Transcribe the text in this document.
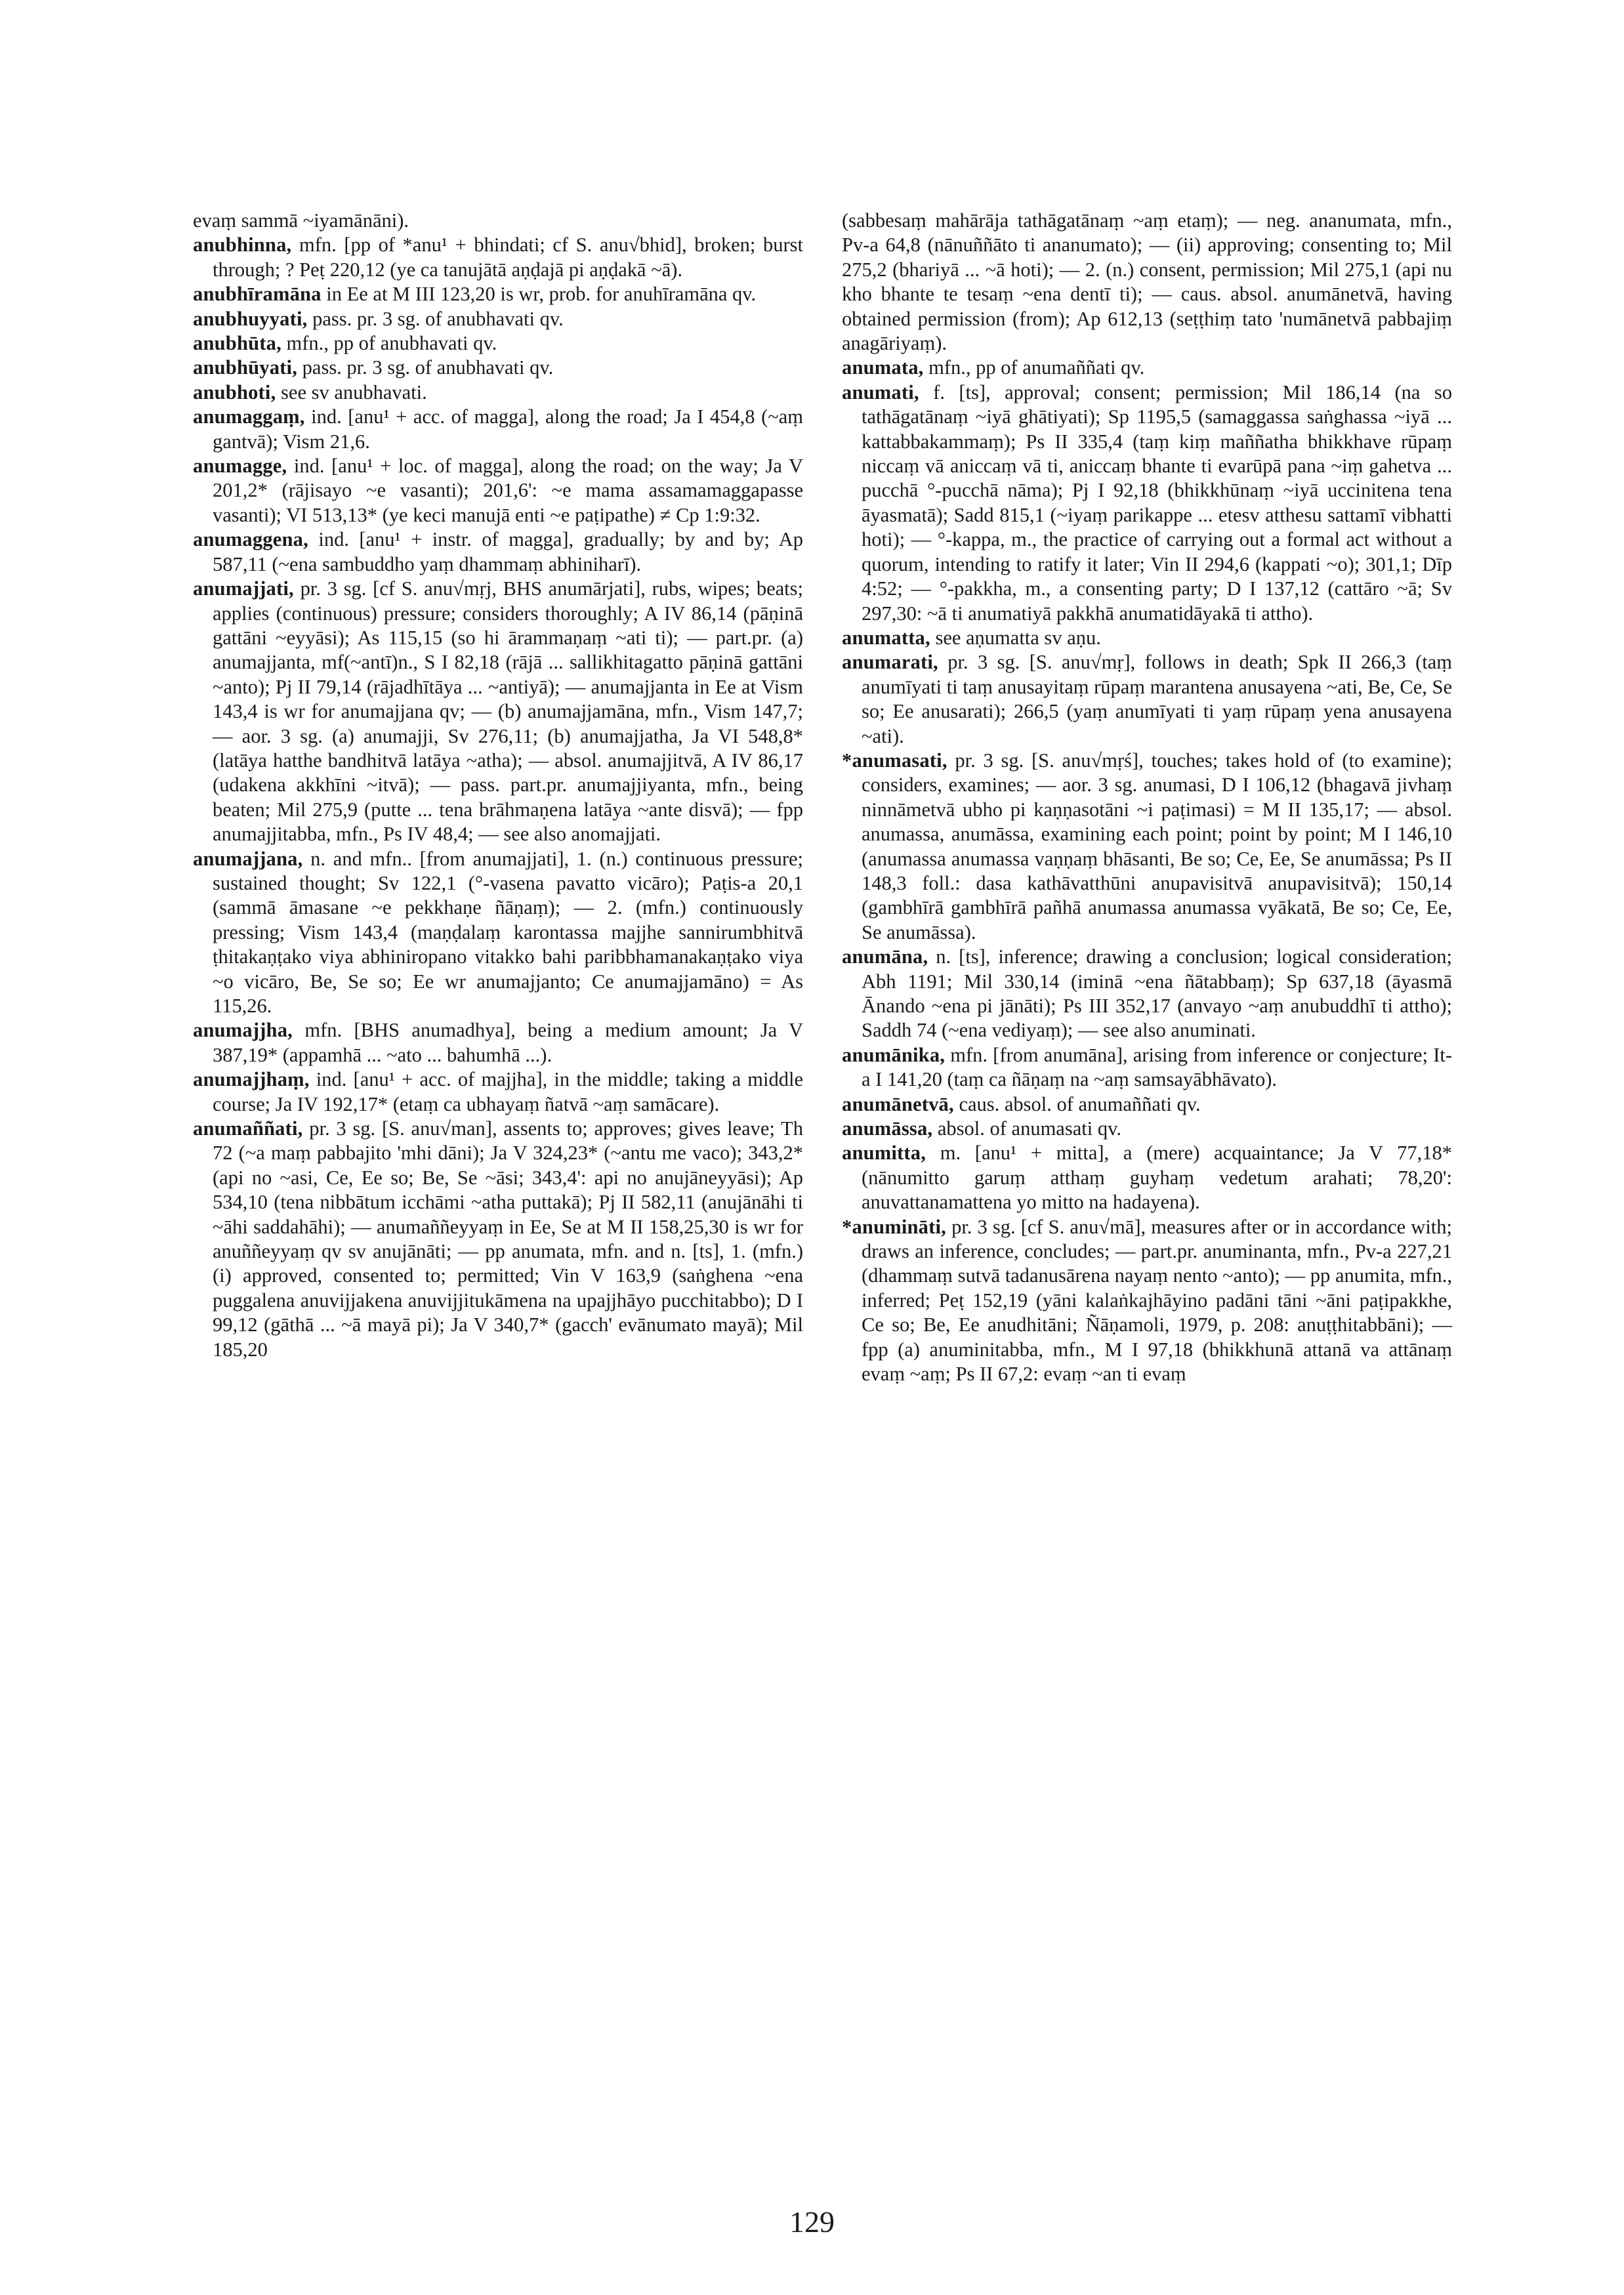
evaṃ sammā ~iyamānāni).

anubhinna, mfn. [pp of *anu¹ + bhindati; cf S. anu√bhid], broken; burst through; ? Peṭ 220,12 (ye ca tanujātā aṇḍajā pi aṇḍakā ~ā).

anubhīramāna in Ee at M III 123,20 is wr, prob. for anuhīramāna qv.

anubhuyyati, pass. pr. 3 sg. of anubhavati qv.

anubhūta, mfn., pp of anubhavati qv.

anubhūyati, pass. pr. 3 sg. of anubhavati qv.

anubhoti, see sv anubhavati.

anumaggaṃ, ind. [anu¹ + acc. of magga], along the road; Ja I 454,8 (~aṃ gantvā); Vism 21,6.

anumagge, ind. [anu¹ + loc. of magga], along the road; on the way; Ja V 201,2* (rājisayo ~e vasanti); 201,6': ~e mama assamamaggapasse vasanti); VI 513,13* (ye keci manujā enti ~e paṭipathe) ≠ Cp 1:9:32.

anumaggena, ind. [anu¹ + instr. of magga], gradually; by and by; Ap 587,11 (~ena sambuddho yaṃ dhammaṃ abhiniharī).

anumajjati, pr. 3 sg. [cf S. anu√mṛj, BHS anumārjati], rubs, wipes; beats; applies (continuous) pressure; considers thoroughly; A IV 86,14 (pāṇinā gattāni ~eyyāsi); As 115,15 (so hi ārammaṇaṃ ~ati ti); — part.pr. (a) anumajjanta, mf(~antī)n., S I 82,18 (rājā ... sallikhitagatto pāṇinā gattāni ~anto); Pj II 79,14 (rājadhītāya ... ~antiyā); — anumajjanta in Ee at Vism 143,4 is wr for anumajjana qv; — (b) anumajjamāna, mfn., Vism 147,7; — aor. 3 sg. (a) anumajji, Sv 276,11; (b) anumajjatha, Ja VI 548,8* (latāya hatthe bandhitvā latāya ~atha); — absol. anumajjitvā, A IV 86,17 (udakena akkhīni ~itvā); — pass. part.pr. anumajjiyanta, mfn., being beaten; Mil 275,9 (putte ... tena brāhmaṇena latāya ~ante disvā); — fpp anumajjitabba, mfn., Ps IV 48,4; — see also anomajjati.

anumajjana, n. and mfn.. [from anumajjati], 1. (n.) continuous pressure; sustained thought; Sv 122,1 (°-vasena pavatto vicāro); Paṭis-a 20,1 (sammā āmasane ~e pekkhaṇe ñāṇaṃ); — 2. (mfn.) continuously pressing; Vism 143,4 (maṇḍalaṃ karontassa majjhe sannirumbhitvā ṭhitakaṇṭako viya abhiniropano vitakko bahi paribbhamanakaṇṭako viya ~o vicāro, Be, Se so; Ee wr anumajjanto; Ce anumajjamāno) = As 115,26.

anumajjha, mfn. [BHS anumadhya], being a medium amount; Ja V 387,19* (appamhā ... ~ato ... bahumhā ...).

anumajjhaṃ, ind. [anu¹ + acc. of majjha], in the middle; taking a middle course; Ja IV 192,17* (etaṃ ca ubhayaṃ ñatvā ~aṃ samācare).

anumaññati, pr. 3 sg. [S. anu√man], assents to; approves; gives leave; Th 72 (~a maṃ pabbajito 'mhi dāni); Ja V 324,23* (~antu me vaco); 343,2* (api no ~asi, Ce, Ee so; Be, Se ~āsi; 343,4': api no anujāneyyāsi); Ap 534,10 (tena nibbātum icchāmi ~atha puttakā); Pj II 582,11 (anujānāhi ti ~āhi saddahāhi); — anumaññeyyaṃ in Ee, Se at M II 158,25,30 is wr for anuññeyyaṃ qv sv anujānāti; — pp anumata, mfn. and n. [ts], 1. (mfn.) (i) approved, consented to; permitted; Vin V 163,9 (saṅghena ~ena puggalena anuvijjakena anuvijjitukāmena na upajjhāyo pucchitabbo); D I 99,12 (gāthā ... ~ā mayā pi); Ja V 340,7* (gacch' evānumato mayā); Mil 185,20

(sabbesaṃ mahārāja tathāgatānaṃ ~aṃ etaṃ); — neg. ananumata, mfn., Pv-a 64,8 (nānuññāto ti ananumato); — (ii) approving; consenting to; Mil 275,2 (bhariyā ... ~ā hoti); — 2. (n.) consent, permission; Mil 275,1 (api nu kho bhante te tesaṃ ~ena dentī ti); — caus. absol. anumānetvā, having obtained permission (from); Ap 612,13 (seṭṭhiṃ tato 'numānetvā pabbajiṃ anagāriyaṃ).

anumata, mfn., pp of anumaññati qv.

anumati, f. [ts], approval; consent; permission; Mil 186,14 (na so tathāgatānaṃ ~iyā ghātiyati); Sp 1195,5 (samaggassa saṅghassa ~iyā ... kattabbakammaṃ); Ps II 335,4 (taṃ kiṃ maññatha bhikkhave rūpaṃ niccaṃ vā aniccaṃ vā ti, aniccaṃ bhante ti evarūpā pana ~iṃ gahetva ... pucchā °-pucchā nāma); Pj I 92,18 (bhikkhūnaṃ ~iyā uccinitena tena āyasmatā); Sadd 815,1 (~iyaṃ parikappe ... etesv atthesu sattamī vibhatti hoti); — °-kappa, m., the practice of carrying out a formal act without a quorum, intending to ratify it later; Vin II 294,6 (kappati ~o); 301,1; Dīp 4:52; — °-pakkha, m., a consenting party; D I 137,12 (cattāro ~ā; Sv 297,30: ~ā ti anumatiyā pakkhā anumatidāyakā ti attho).

anumatta, see aṇumatta sv aṇu.

anumarati, pr. 3 sg. [S. anu√mṛ], follows in death; Spk II 266,3 (taṃ anumīyati ti taṃ anusayitaṃ rūpaṃ marantena anusayena ~ati, Be, Ce, Se so; Ee anusarati); 266,5 (yaṃ anumīyati ti yaṃ rūpaṃ yena anusayena ~ati).

*anumasati, pr. 3 sg. [S. anu√mṛś], touches; takes hold of (to examine); considers, examines; — aor. 3 sg. anumasi, D I 106,12 (bhagavā jivhaṃ ninnāmetvā ubho pi kaṇṇasotāni ~i paṭimasi) = M II 135,17; — absol. anumassa, anumāssa, examining each point; point by point; M I 146,10 (anumassa anumassa vaṇṇaṃ bhāsanti, Be so; Ce, Ee, Se anumāssa; Ps II 148,3 foll.: dasa kathāvatthūni anupavisitvā anupavisitvā); 150,14 (gambhīrā gambhīrā pañhā anumassa anumassa vyākatā, Be so; Ce, Ee, Se anumāssa).

anumāna, n. [ts], inference; drawing a conclusion; logical consideration; Abh 1191; Mil 330,14 (iminā ~ena ñātabbaṃ); Sp 637,18 (āyasmā Ānando ~ena pi jānāti); Ps III 352,17 (anvayo ~aṃ anubuddhī ti attho); Saddh 74 (~ena vediyaṃ); — see also anuminati.

anumānika, mfn. [from anumāna], arising from inference or conjecture; It-a I 141,20 (taṃ ca ñāṇaṃ na ~aṃ samsayābhāvato).

anumānetvā, caus. absol. of anumaññati qv.

anumāssa, absol. of anumasati qv.

anumitta, m. [anu¹ + mitta], a (mere) acquaintance; Ja V 77,18* (nānumitto garuṃ atthaṃ guyhaṃ vedetum arahati; 78,20': anuvattanamattena yo mitto na hadayena).

*anumināti, pr. 3 sg. [cf S. anu√mā], measures after or in accordance with; draws an inference, concludes; — part.pr. anuminanta, mfn., Pv-a 227,21 (dhammaṃ sutvā tadanusārena nayaṃ nento ~anto); — pp anumita, mfn., inferred; Peṭ 152,19 (yāni kalaṅkajhāyino padāni tāni ~āni paṭipakkhe, Ce so; Be, Ee anudhitāni; Ñāṇamoli, 1979, p. 208: anuṭṭhitabbāni); — fpp (a) anuminitabba, mfn., M I 97,18 (bhikkhunā attanā va attānaṃ evaṃ ~aṃ; Ps II 67,2: evaṃ ~an ti evaṃ

129
